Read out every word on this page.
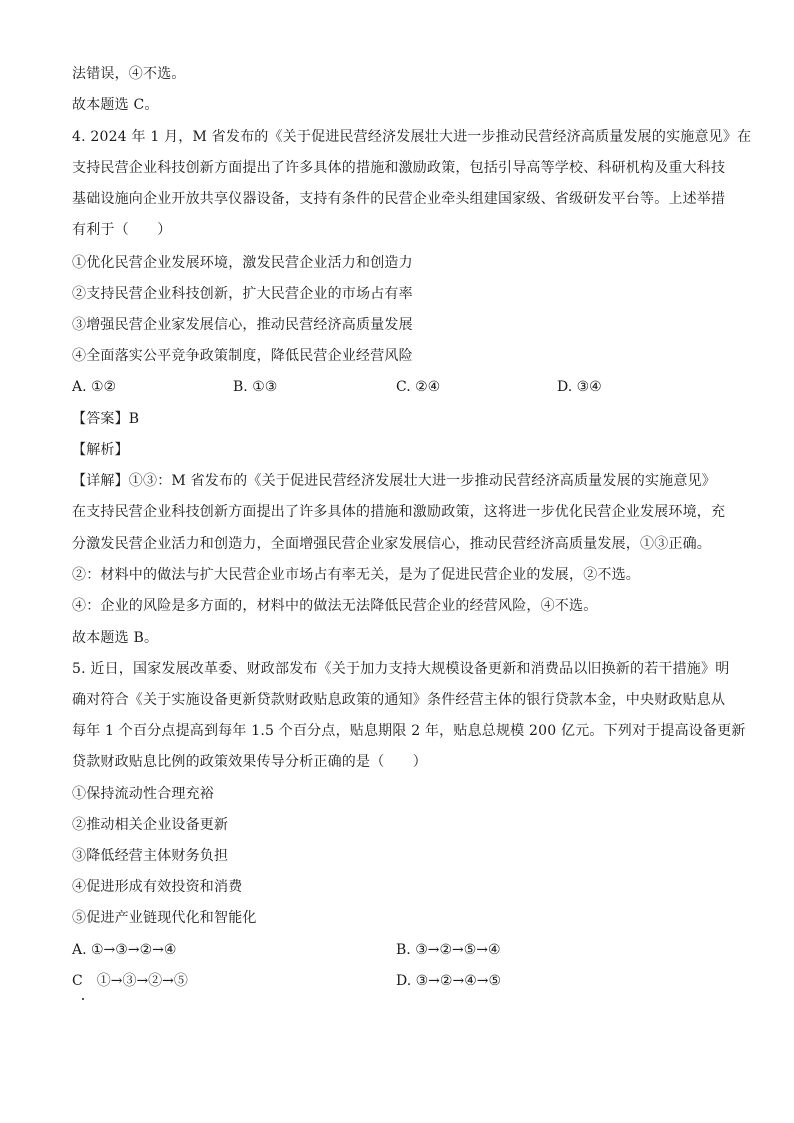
法错误，④不选。
故本题选 C。
4. 2024 年 1 月，M 省发布的《关于促进民营经济发展壮大进一步推动民营经济高质量发展的实施意见》在
支持民营企业科技创新方面提出了许多具体的措施和激励政策，包括引导高等学校、科研机构及重大科技
基础设施向企业开放共享仪器设备，支持有条件的民营企业牵头组建国家级、省级研发平台等。上述举措
有利于（　　）
①优化民营企业发展环境，激发民营企业活力和创造力
②支持民营企业科技创新，扩大民营企业的市场占有率
③增强民营企业家发展信心，推动民营经济高质量发展
④全面落实公平竞争政策制度，降低民营企业经营风险
A. ①②	B. ①③	C. ②④	D. ③④
【答案】B
【解析】
【详解】①③：M 省发布的《关于促进民营经济发展壮大进一步推动民营经济高质量发展的实施意见》
在支持民营企业科技创新方面提出了许多具体的措施和激励政策，这将进一步优化民营企业发展环境，充
分激发民营企业活力和创造力，全面增强民营企业家发展信心，推动民营经济高质量发展，①③正确。
②：材料中的做法与扩大民营企业市场占有率无关，是为了促进民营企业的发展，②不选。
④：企业的风险是多方面的，材料中的做法无法降低民营企业的经营风险，④不选。
故本题选 B。
5. 近日，国家发展改革委、财政部发布《关于加力支持大规模设备更新和消费品以旧换新的若干措施》明
确对符合《关于实施设备更新贷款财政贴息政策的通知》条件经营主体的银行贷款本金，中央财政贴息从
每年 1 个百分点提高到每年 1.5 个百分点，贴息期限 2 年，贴息总规模 200 亿元。下列对于提高设备更新
贷款财政贴息比例的政策效果传导分析正确的是（　　）
①保持流动性合理充裕
②推动相关企业设备更新
③降低经营主体财务负担
④促进形成有效投资和消费
⑤促进产业链现代化和智能化
A. ①→③→②→④	B. ③→②→⑤→④
C　①→③→②→⑤	D. ③→②→④→⑤
